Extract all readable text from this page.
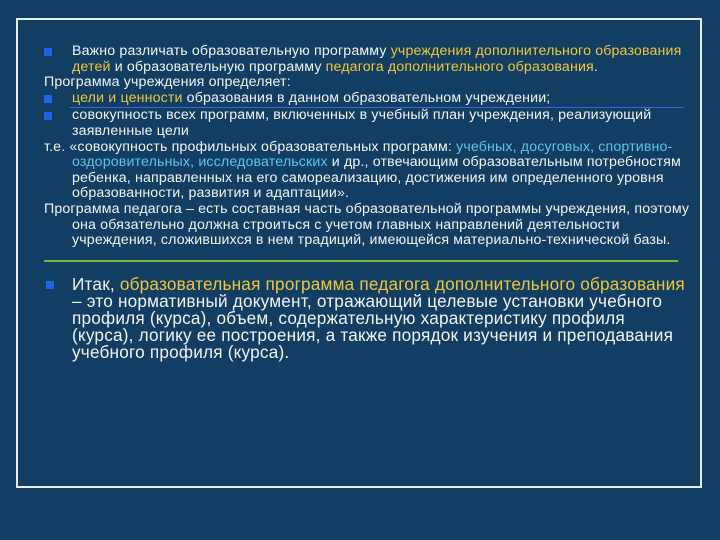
Важно различать образовательную программу учреждения дополнительного образования детей и образовательную программу педагога дополнительного образования.

Программа учреждения определяет:

цели и ценности образования в данном образовательном учреждении;

совокупность всех программ, включенных в учебный план учреждения, реализующий заявленные цели

т.е. «совокупность профильных образовательных программ: учебных, досуговых, спортивно-оздоровительных, исследовательских и др., отвечающим образовательным потребностям ребенка, направленных на его самореализацию, достижения им определенного уровня образованности, развития и адаптации».

Программа педагога – есть составная часть образовательной программы учреждения, поэтому она обязательно должна строиться с учетом главных направлений деятельности учреждения, сложившихся в нем традиций, имеющейся материально-технической базы.

Итак, образовательная программа педагога дополнительного образования – это нормативный документ, отражающий целевые установки учебного профиля (курса), объем, содержательную характеристику профиля (курса), логику ее построения, а также порядок изучения и преподавания учебного профиля (курса).
